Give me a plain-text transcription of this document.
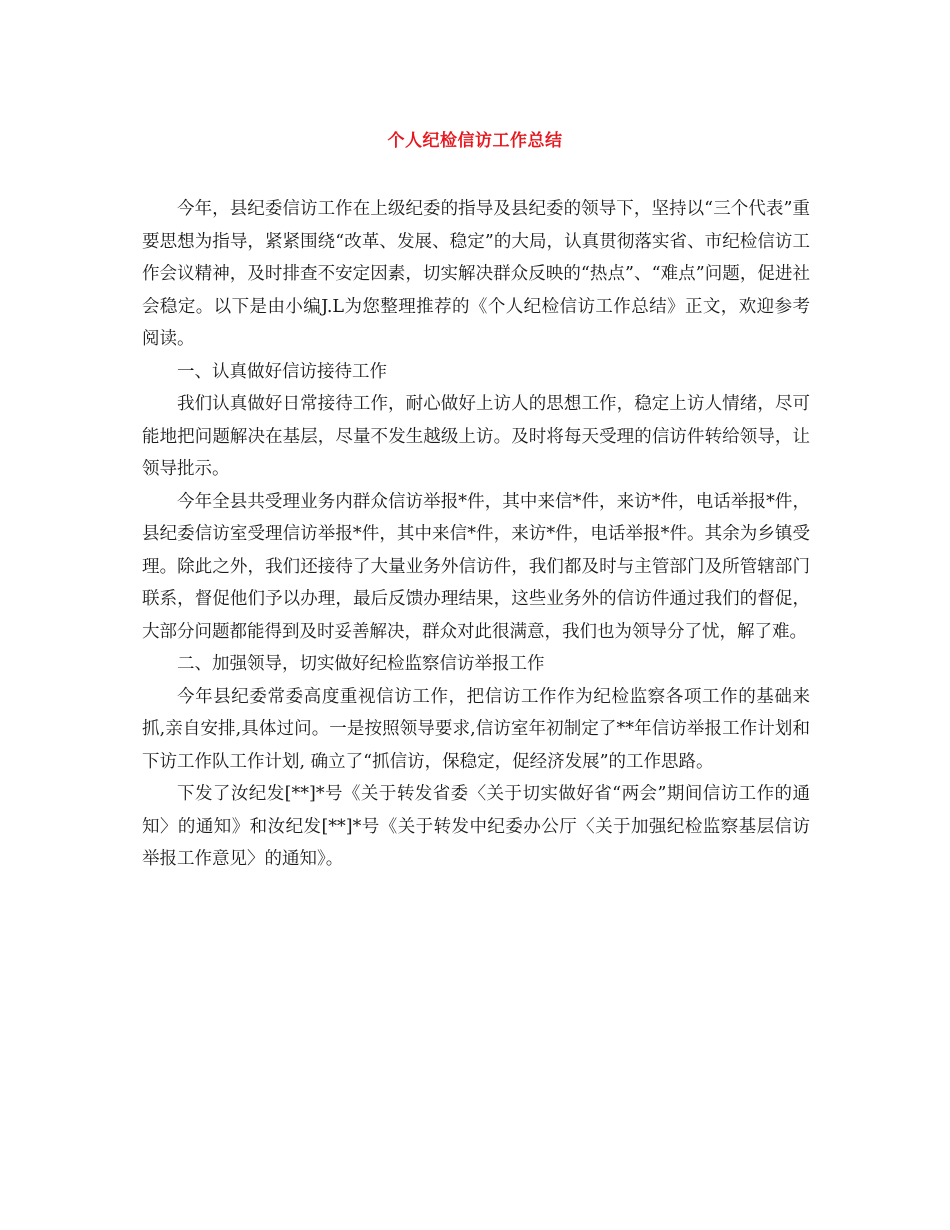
个人纪检信访工作总结

今年，县纪委信访工作在上级纪委的指导及县纪委的领导下，坚持以“三个代表”重要思想为指导，紧紧围绕“改革、发展、稳定”的大局，认真贯彻落实省、市纪检信访工作会议精神，及时排查不安定因素，切实解决群众反映的“热点”、“难点”问题，促进社会稳定。以下是由小编J.L为您整理推荐的《个人纪检信访工作总结》正文，欢迎参考阅读。

一、认真做好信访接待工作

我们认真做好日常接待工作，耐心做好上访人的思想工作，稳定上访人情绪，尽可能地把问题解决在基层，尽量不发生越级上访。及时将每天受理的信访件转给领导，让领导批示。

今年全县共受理业务内群众信访举报*件，其中来信*件，来访*件，电话举报*件，县纪委信访室受理信访举报*件，其中来信*件，来访*件，电话举报*件。其余为乡镇受理。除此之外，我们还接待了大量业务外信访件，我们都及时与主管部门及所管辖部门联系，督促他们予以办理，最后反馈办理结果，这些业务外的信访件通过我们的督促，大部分问题都能得到及时妥善解决，群众对此很满意，我们也为领导分了忧，解了难。

二、加强领导，切实做好纪检监察信访举报工作

今年县纪委常委高度重视信访工作，把信访工作作为纪检监察各项工作的基础来抓,亲自安排,具体过问。一是按照领导要求,信访室年初制定了**年信访举报工作计划和下访工作队工作计划, 确立了“抓信访，保稳定，促经济发展”的工作思路。

下发了汝纪发[**]*号《关于转发省委〈关于切实做好省“两会”期间信访工作的通知〉的通知》和汝纪发[**]*号《关于转发中纪委办公厅〈关于加强纪检监察基层信访举报工作意见〉的通知》。
